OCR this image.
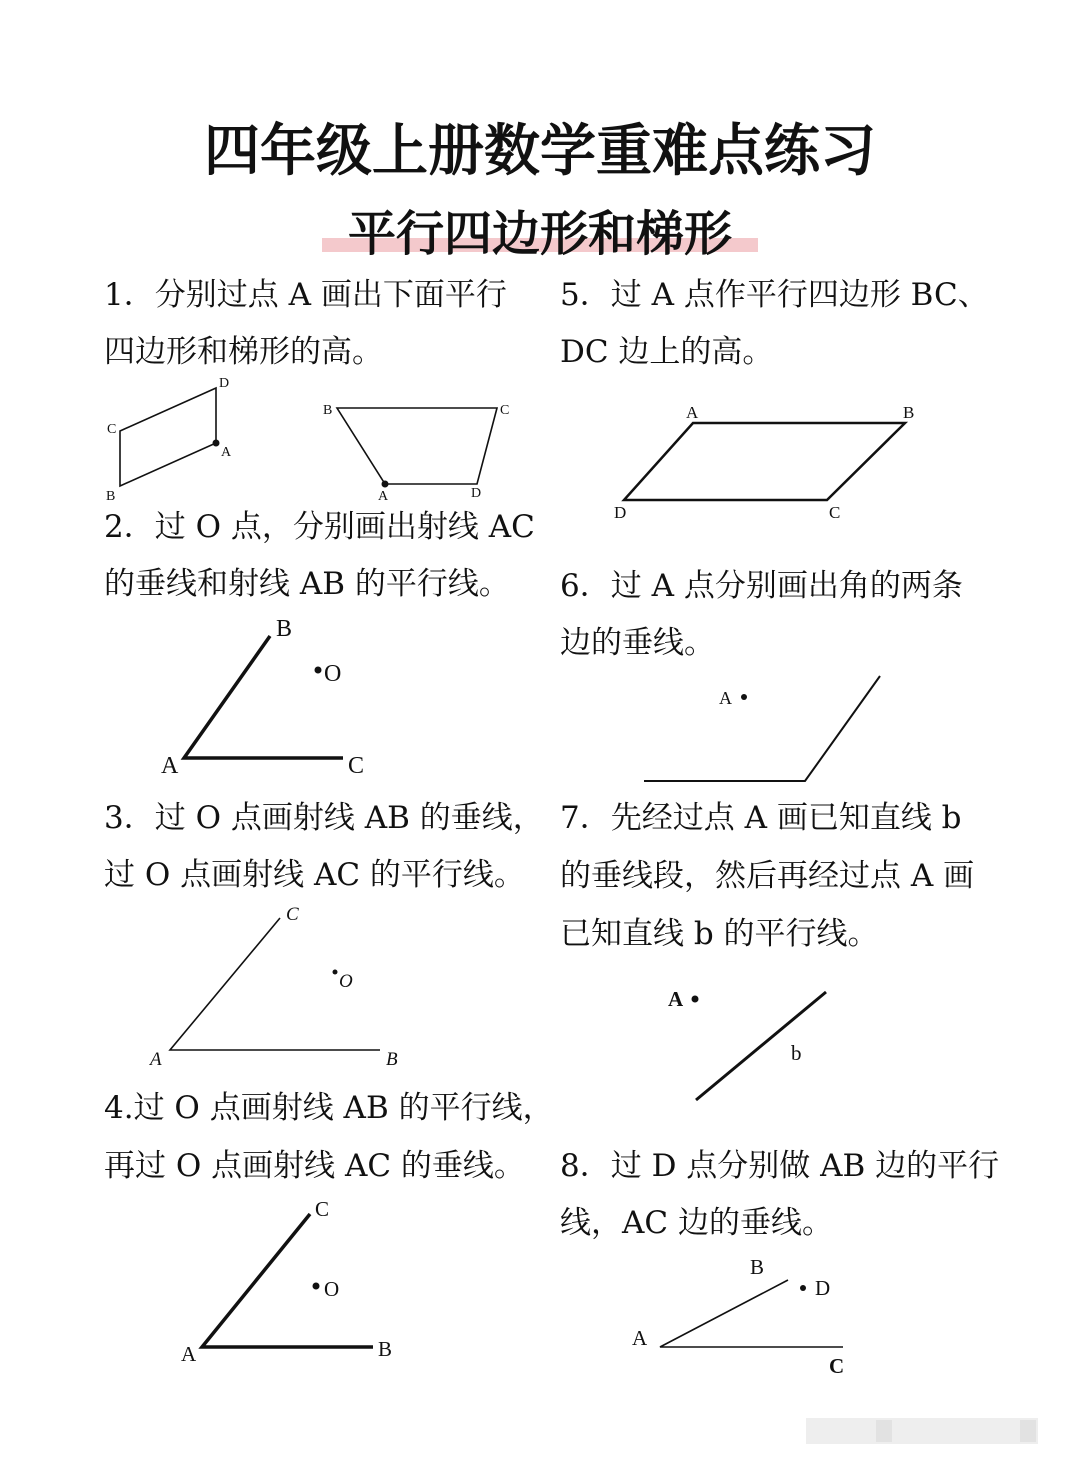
四年级上册数学重难点练习
平行四边形和梯形
1．分别过点 A 画出下面平行
四边形和梯形的高。
C
D
A
B
B	C
A	D
2．过 O 点，分别画出射线 AC
的垂线和射线 AB 的平行线。
B
O
A	C
3．过 O 点画射线 AB 的垂线，
过 O 点画射线 AC 的平行线。
C
O
A	B
4.过 O 点画射线 AB 的平行线，
再过 O 点画射线 AC 的垂线。
C
O
A	B
5．过 A 点作平行四边形 BC、
DC 边上的高。
A	B
D	C
6．过 A 点分别画出角的两条
边的垂线。
A
7．先经过点 A 画已知直线 b
的垂线段，然后再经过点 A 画
已知直线 b 的平行线。
A
b
8．过 D 点分别做 AB 边的平行
线，AC 边的垂线。
B
D
A
C
